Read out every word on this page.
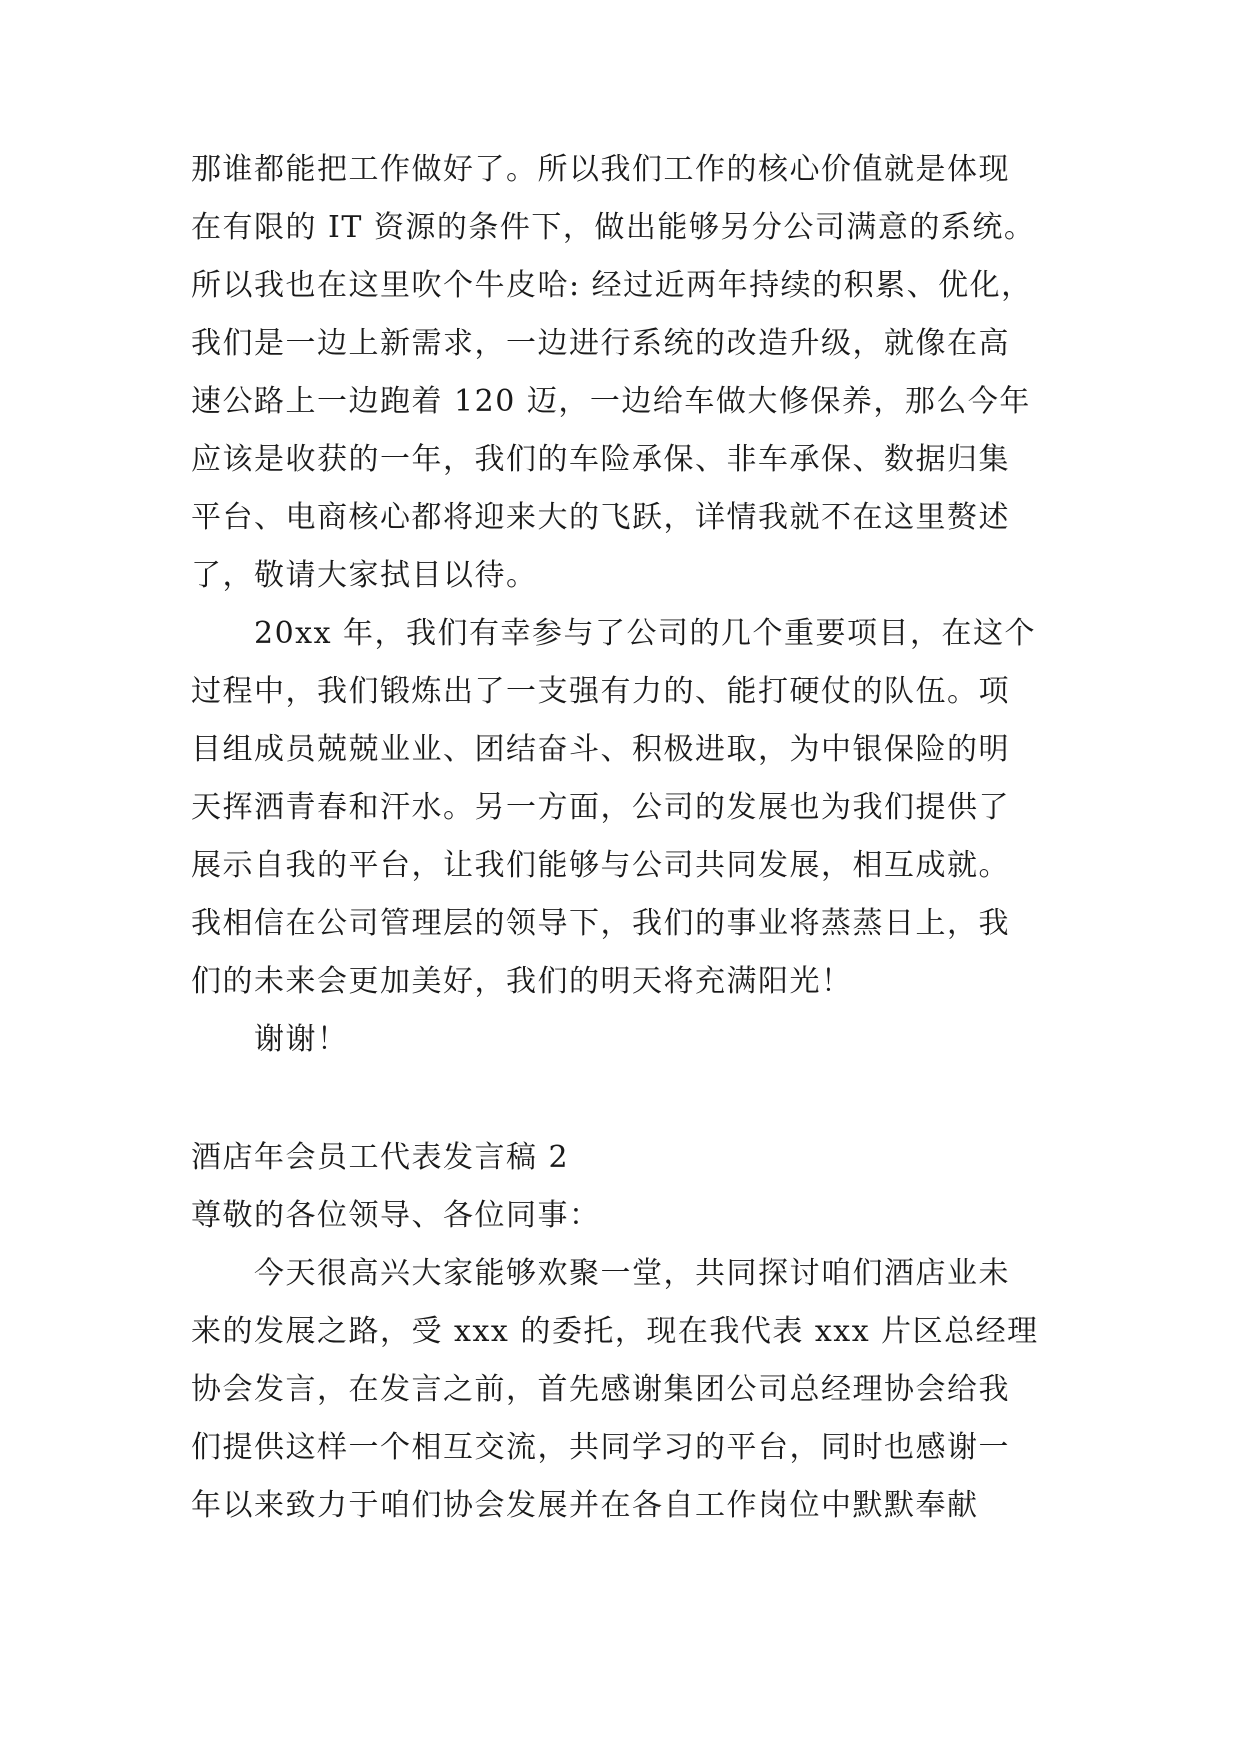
那谁都能把工作做好了。所以我们工作的核心价值就是体现
在有限的 IT 资源的条件下，做出能够另分公司满意的系统。
所以我也在这里吹个牛皮哈: 经过近两年持续的积累、优化，
我们是一边上新需求，一边进行系统的改造升级，就像在高
速公路上一边跑着 120 迈，一边给车做大修保养，那么今年
应该是收获的一年，我们的车险承保、非车承保、数据归集
平台、电商核心都将迎来大的飞跃，详情我就不在这里赘述
了，敬请大家拭目以待。
20xx 年，我们有幸参与了公司的几个重要项目，在这个
过程中，我们锻炼出了一支强有力的、能打硬仗的队伍。项
目组成员兢兢业业、团结奋斗、积极进取，为中银保险的明
天挥洒青春和汗水。另一方面，公司的发展也为我们提供了
展示自我的平台，让我们能够与公司共同发展，相互成就。
我相信在公司管理层的领导下，我们的事业将蒸蒸日上，我
们的未来会更加美好，我们的明天将充满阳光！
谢谢！
酒店年会员工代表发言稿 2
尊敬的各位领导、各位同事：
今天很高兴大家能够欢聚一堂，共同探讨咱们酒店业未
来的发展之路，受 xxx 的委托，现在我代表 xxx 片区总经理
协会发言，在发言之前，首先感谢集团公司总经理协会给我
们提供这样一个相互交流，共同学习的平台，同时也感谢一
年以来致力于咱们协会发展并在各自工作岗位中默默奉献
